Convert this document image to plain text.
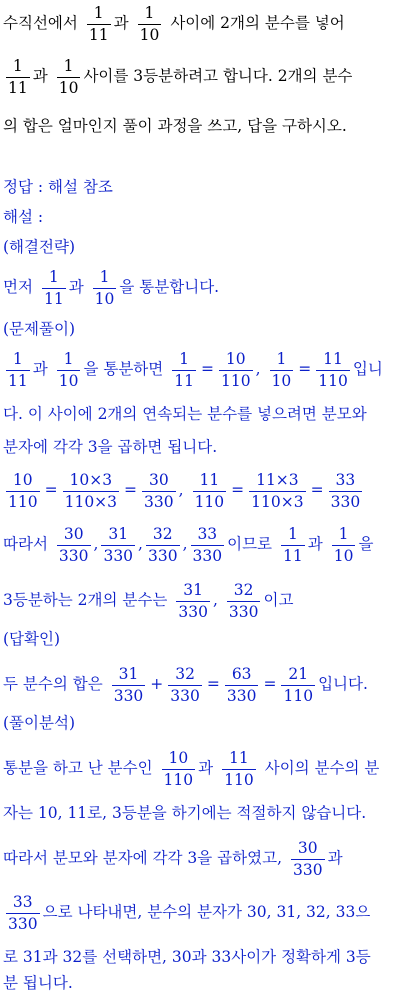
수직선에서 $\frac{1}{11}$ 과 $\frac{1}{10}$ 사이에 2개의 분수를 넣어
$\frac{1}{11}$ 과 $\frac{1}{10}$ 사이를 3등분하려고 합니다. 2개의 분수
의 합은 얼마인지 풀이 과정을 쓰고, 답을 구하시오.
정답 : 해설 참조
해설 :
(해결전략)
먼저 $\frac{1}{11}$ 과 $\frac{1}{10}$ 을 통분합니다.
(문제풀이)
$\frac{1}{11}$ 과 $\frac{1}{10}$ 을 통분하면 $\frac{1}{11} = \frac{10}{110}$ , $\frac{1}{10} = \frac{11}{110}$ 입니
다. 이 사이에 2개의 연속되는 분수를 넣으려면 분모와
분자에 각각 3을 곱하면 됩니다.
$\frac{10}{110} = \frac{10\times 3}{110\times 3} = \frac{30}{330}$ , $\frac{11}{110} = \frac{11\times 3}{110\times 3} = \frac{33}{330}$
따라서 $\frac{30}{330}$ , $\frac{31}{330}$ , $\frac{32}{330}$ , $\frac{33}{330}$ 이므로 $\frac{1}{11}$ 과 $\frac{1}{10}$ 을
3등분하는 2개의 분수는 $\frac{31}{330}$ , $\frac{32}{330}$ 이고
(답확인)
두 분수의 합은 $\frac{31}{330} + \frac{32}{330} = \frac{63}{330} = \frac{21}{110}$ 입니다.
(풀이분석)
통분을 하고 난 분수인 $\frac{10}{110}$ 과 $\frac{11}{110}$ 사이의 분수의 분
자는 10, 11로, 3등분을 하기에는 적절하지 않습니다.
따라서 분모와 분자에 각각 3을 곱하였고, $\frac{30}{330}$ 과
$\frac{33}{330}$ 으로 나타내면, 분수의 분자가 30, 31, 32, 33으
로 31과 32를 선택하면, 30과 33사이가 정확하게 3등
분 됩니다.
